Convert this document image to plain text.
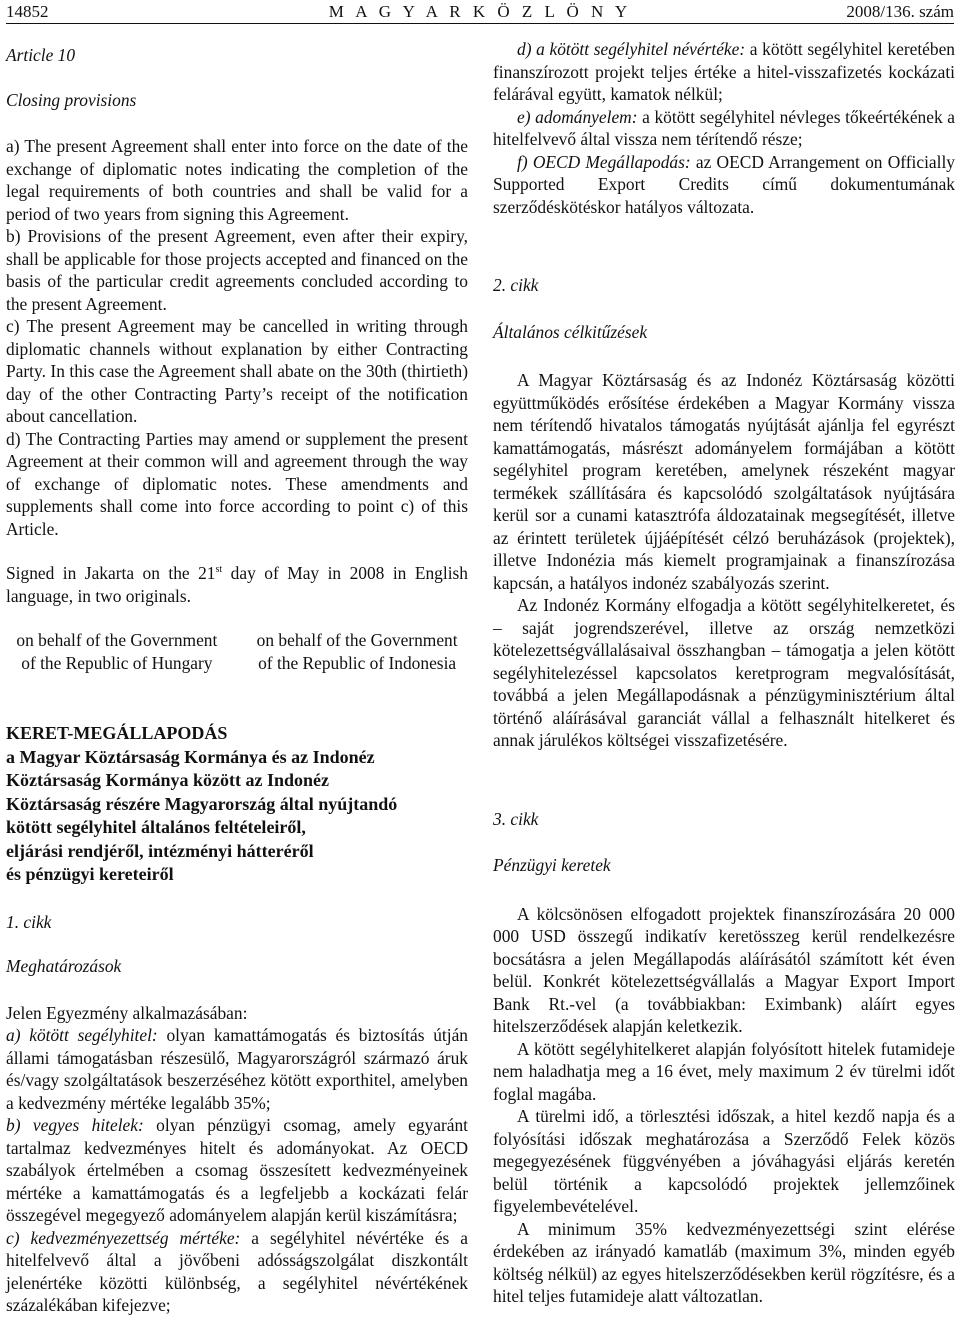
14852	M A G Y A R K Ö Z L Ö N Y	2008/136. szám

Article 10

Closing provisions

a) The present Agreement shall enter into force on the date of the exchange of diplomatic notes indicating the completion of the legal requirements of both countries and shall be valid for a period of two years from signing this Agreement.

b) Provisions of the present Agreement, even after their expiry, shall be applicable for those projects accepted and financed on the basis of the particular credit agreements concluded according to the present Agreement.

c) The present Agreement may be cancelled in writing through diplomatic channels without explanation by either Contracting Party. In this case the Agreement shall abate on the 30th (thirtieth) day of the other Contracting Party’s receipt of the notification about cancellation.

d) The Contracting Parties may amend or supplement the present Agreement at their common will and agreement through the way of exchange of diplomatic notes. These amendments and supplements shall come into force according to point c) of this Article.

Signed in Jakarta on the 21st day of May in 2008 in English language, in two originals.

on behalf of the Government
of the Republic of Hungary
on behalf of the Government
of the Republic of Indonesia

KERET-MEGÁLLAPODÁS

a Magyar Köztársaság Kormánya és az Indonéz

Köztársaság Kormánya között az Indonéz

Köztársaság részére Magyarország által nyújtandó

kötött segélyhitel általános feltételeiről,

eljárási rendjéről, intézményi hátteréről

és pénzügyi kereteiről

1. cikk

Meghatározások

Jelen Egyezmény alkalmazásában:

a) kötött segélyhitel: olyan kamattámogatás és biztosítás útján állami támogatásban részesülő, Magyarországról származó áruk és/vagy szolgáltatások beszerzéséhez kötött exporthitel, amelyben a kedvezmény mértéke legalább 35%;

b) vegyes hitelek: olyan pénzügyi csomag, amely egyaránt tartalmaz kedvezményes hitelt és adományokat. Az OECD szabályok értelmében a csomag összesített kedvezményeinek mértéke a kamattámogatás és a legfeljebb a kockázati felár összegével megegyező adományelem alapján kerül kiszámításra;

c) kedvezményezettség mértéke: a segélyhitel névértéke és a hitelfelvevő által a jövőbeni adósságszolgálat diszkontált jelenértéke közötti különbség, a segélyhitel névértékének százalékában kifejezve;

d) a kötött segélyhitel névértéke: a kötött segélyhitel keretében finanszírozott projekt teljes értéke a hitel-visszafizetés kockázati felárával együtt, kamatok nélkül;

e) adományelem: a kötött segélyhitel névleges tőkeértékének a hitelfelvevő által vissza nem térítendő része;

f) OECD Megállapodás: az OECD Arrangement on Officially Supported Export Credits című dokumentumának szerződéskötéskor hatályos változata.

2. cikk

Általános célkitűzések

A Magyar Köztársaság és az Indonéz Köztársaság közötti együttműködés erősítése érdekében a Magyar Kormány vissza nem térítendő hivatalos támogatás nyújtását ajánlja fel egyrészt kamattámogatás, másrészt adományelem formájában a kötött segélyhitel program keretében, amelynek részeként magyar termékek szállítására és kapcsolódó szolgáltatások nyújtására kerül sor a cunami katasztrófa áldozatainak megsegítését, illetve az érintett területek újjáépítését célzó beruházások (projektek), illetve Indonézia más kiemelt programjainak a finanszírozása kapcsán, a hatályos indonéz szabályozás szerint.

Az Indonéz Kormány elfogadja a kötött segélyhitelkeretet, és – saját jogrendszerével, illetve az ország nemzetközi kötelezettségvállalásaival összhangban – támogatja a jelen kötött segélyhitelezéssel kapcsolatos keretprogram megvalósítását, továbbá a jelen Megállapodásnak a pénzügyminisztérium által történő aláírásával garanciát vállal a felhasznált hitelkeret és annak járulékos költségei visszafizetésére.

3. cikk

Pénzügyi keretek

A kölcsönösen elfogadott projektek finanszírozására 20 000 000 USD összegű indikatív keretösszeg kerül rendelkezésre bocsátásra a jelen Megállapodás aláírásától számított két éven belül. Konkrét kötelezettségvállalás a Magyar Export Import Bank Rt.-vel (a továbbiakban: Eximbank) aláírt egyes hitelszerződések alapján keletkezik.

A kötött segélyhitelkeret alapján folyósított hitelek futamideje nem haladhatja meg a 16 évet, mely maximum 2 év türelmi időt foglal magába.

A türelmi idő, a törlesztési időszak, a hitel kezdő napja és a folyósítási időszak meghatározása a Szerződő Felek közös megegyezésének függvényében a jóváhagyási eljárás keretén belül történik a kapcsolódó projektek jellemzőinek figyelembevételével.

A minimum 35% kedvezményezettségi szint elérése érdekében az irányadó kamatláb (maximum 3%, minden egyéb költség nélkül) az egyes hitelszerződésekben kerül rögzítésre, és a hitel teljes futamideje alatt változatlan.
